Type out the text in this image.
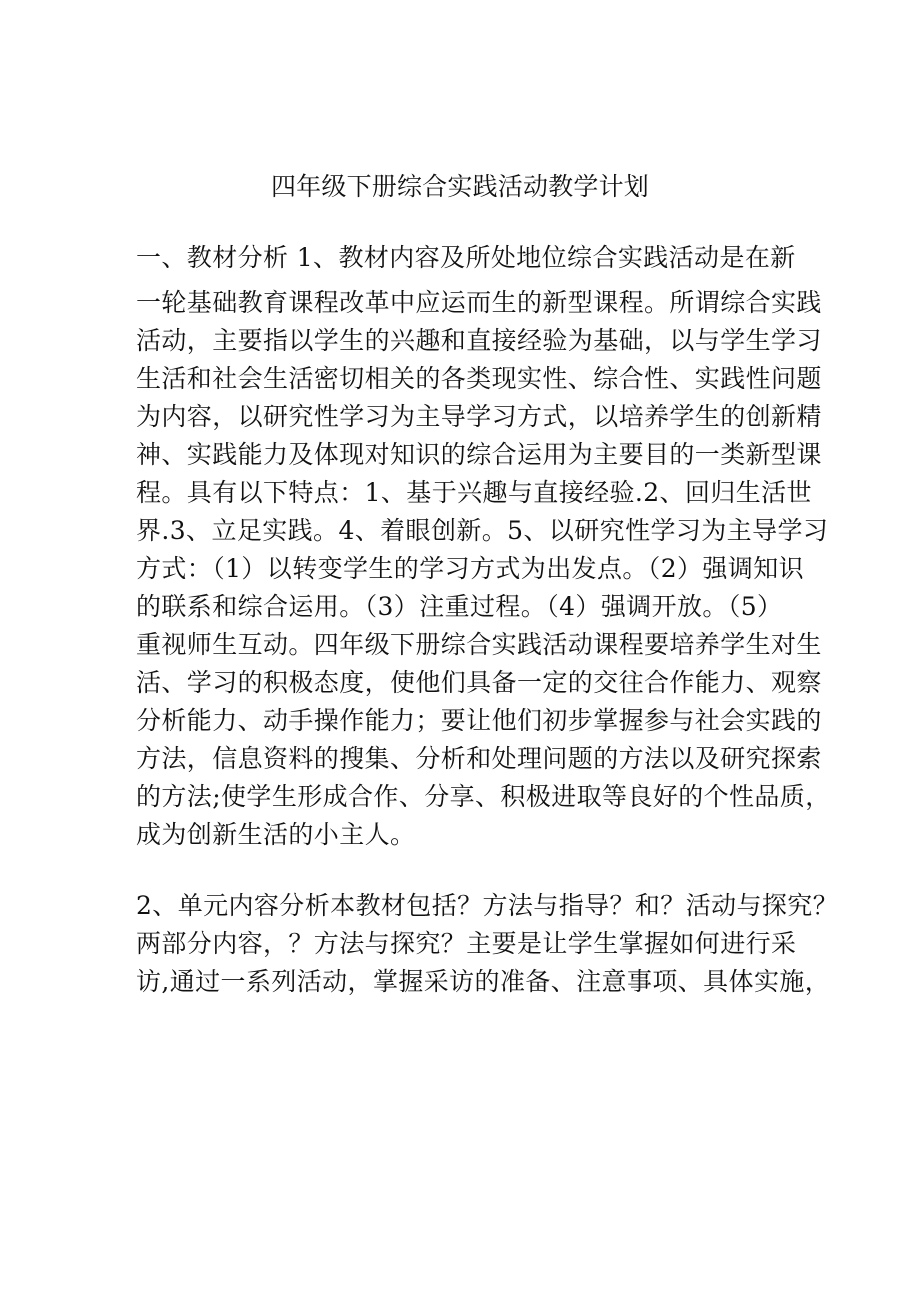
四年级下册综合实践活动教学计划
一、教材分析 1、教材内容及所处地位综合实践活动是在新
一轮基础教育课程改革中应运而生的新型课程。所谓综合实践
活动，主要指以学生的兴趣和直接经验为基础，以与学生学习
生活和社会生活密切相关的各类现实性、综合性、实践性问题
为内容，以研究性学习为主导学习方式，以培养学生的创新精
神、实践能力及体现对知识的综合运用为主要目的一类新型课
程。具有以下特点：1、基于兴趣与直接经验.2、回归生活世
界.3、立足实践。4、着眼创新。5、以研究性学习为主导学习
方式：（1）以转变学生的学习方式为出发点。（2）强调知识
的联系和综合运用。（3）注重过程。（4）强调开放。（5）
重视师生互动。四年级下册综合实践活动课程要培养学生对生
活、学习的积极态度，使他们具备一定的交往合作能力、观察
分析能力、动手操作能力；要让他们初步掌握参与社会实践的
方法，信息资料的搜集、分析和处理问题的方法以及研究探索
的方法;使学生形成合作、分享、积极进取等良好的个性品质，
成为创新生活的小主人。
2、单元内容分析本教材包括？方法与指导？和？活动与探究？
两部分内容，？方法与探究？主要是让学生掌握如何进行采
访,通过一系列活动，掌握采访的准备、注意事项、具体实施，
